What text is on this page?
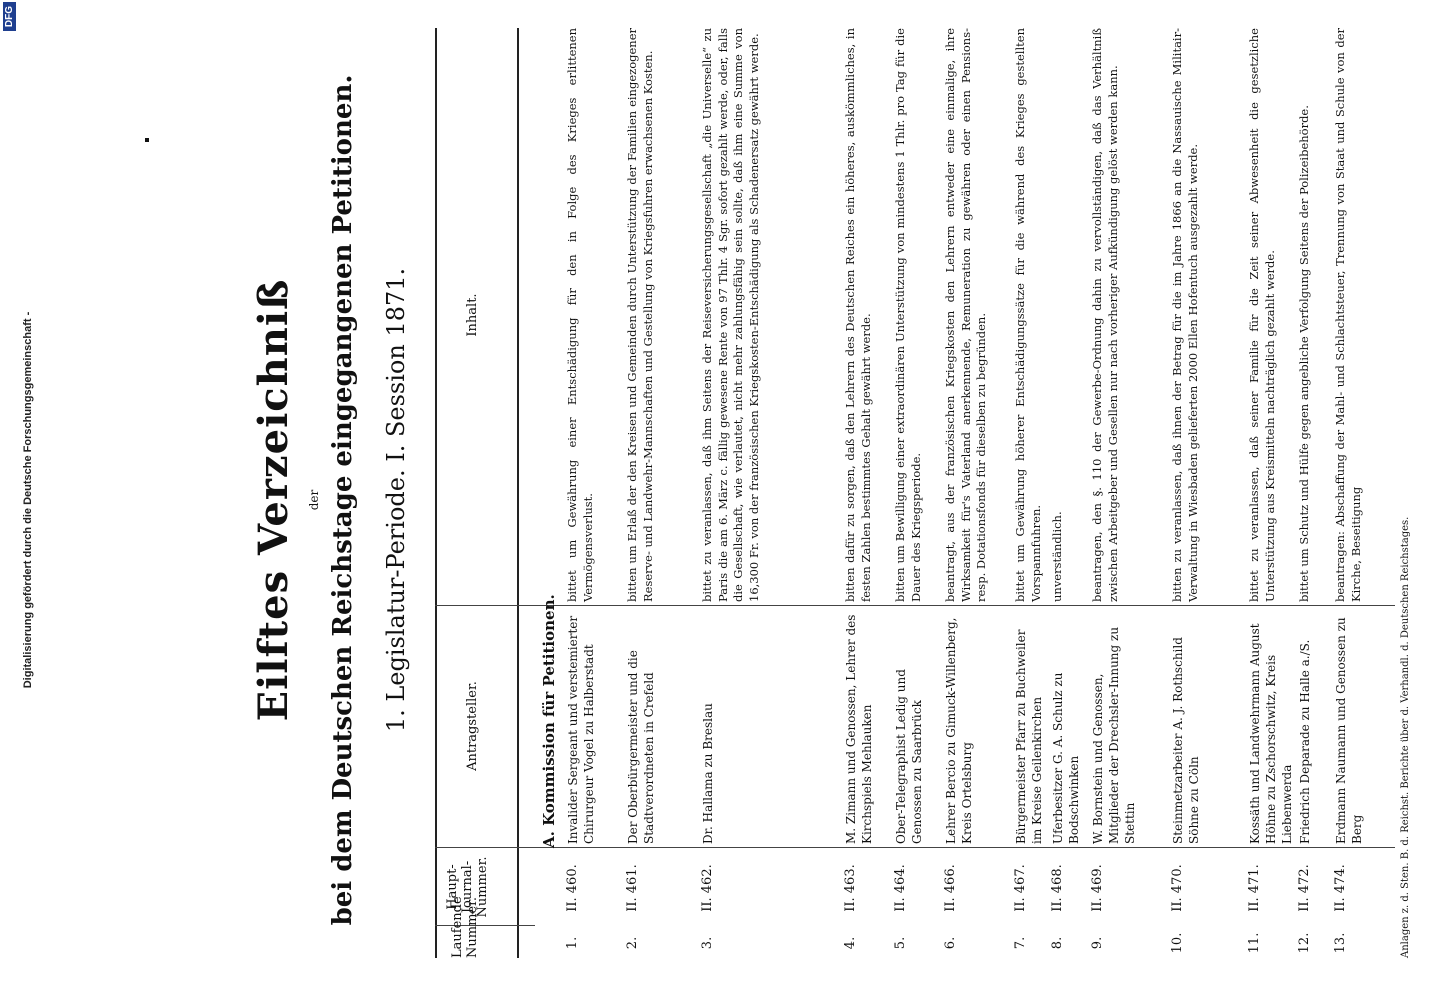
Digitalisierung gefördert durch die Deutsche Forschungsgemeinschaft -
DFG
Eilftes Verzeichniß der bei dem Deutschen Reichstage eingegangenen Petitionen. 1. Legislatur-Periode. I. Session 1871.
Laufende Nummer.
Haupt-Journal-Nummer.
Antragsteller.
Inhalt.
A. Kommission für Petitionen.
1.
II. 460.
Invalider Sergeant und verstemierter Chirurgeur Vogel zu Halberstadt
bittet um Gewährung einer Entschädigung für den in Folge des Krieges erlittenen Vermögensverlust.
2.
II. 461.
Der Oberbürgermeister und die Stadtverordneten in Crefeld
bitten um Erlaß der den Kreisen und Gemeinden durch Unterstützung der Familien eingezogener Reserve- und Landwehr-Mannschaften und Gestellung von Kriegsfuhren erwachsenen Kosten.
3.
II. 462.
Dr. Hallama zu Breslau
bittet zu veranlassen, daß ihm Seitens der Reiseversicherungsgesellschaft „die Universelle“ zu Paris die am 6. März c. fällig gewesene Rente von 97 Thlr. 4 Sgr. sofort gezahlt werde, oder, falls die Gesellschaft, wie verlautet, nicht mehr zahlungsfähig sein sollte, daß ihm eine Summe von 16,300 Fr. von der französischen Kriegskosten-Entschädigung als Schadenersatz gewährt werde.
4.
II. 463.
M. Zimann und Genossen, Lehrer des Kirchspiels Mehlauken
bitten dafür zu sorgen, daß den Lehrern des Deutschen Reiches ein höheres, auskömmliches, in festen Zahlen bestimmtes Gehalt gewährt werde.
5.
II. 464.
Ober-Telegraphist Ledig und Genossen zu Saarbrück
bitten um Bewilligung einer extraordinären Unterstützung von mindestens 1 Thlr. pro Tag für die Dauer des Kriegsperiode.
6.
II. 466.
Lehrer Bercio zu Gimuck-Willenberg, Kreis Ortelsburg
beantragt, aus der französischen Kriegskosten den Lehrern entweder eine einmalige, ihre Wirksamkeit für's Vaterland anerkennende, Remuneration zu gewähren oder einen Pensions- resp. Dotationsfonds für dieselben zu begründen.
7.
II. 467.
Bürgermeister Pfarr zu Buchweiler im Kreise Geilenkirchen
bittet um Gewährung höherer Entschädigungssätze für die während des Krieges gestellten Vorspannfuhren.
8.
II. 468.
Uferbesitzer G. A. Schulz zu Bodschwinken
unverständlich.
9.
II. 469.
W. Bornstein und Genossen, Mitglieder der Drechsler-Innung zu Stettin
beantragen, den §. 110 der Gewerbe-Ordnung dahin zu vervollständigen, daß das Verhältniß zwischen Arbeitgeber und Gesellen nur nach vorheriger Aufkündigung gelöst werden kann.
10.
II. 470.
Steinmetzarbeiter A. J. Rothschild Söhne zu Cöln
bitten zu veranlassen, daß ihnen der Betrag für die im Jahre 1866 an die Nassauische Militair-Verwaltung in Wiesbaden gelieferten 2000 Ellen Hofentuch ausgezahlt werde.
11.
II. 471.
Kossäth und Landwehrmann August Höhne zu Zschorschwitz, Kreis Liebenwerda
bittet zu veranlassen, daß seiner Familie für die Zeit seiner Abwesenheit die gesetzliche Unterstützung aus Kreismitteln nachträglich gezahlt werde.
12.
II. 472.
Friedrich Deparade zu Halle a./S.
bittet um Schutz und Hülfe gegen angebliche Verfolgung Seitens der Polizeibehörde.
13.
II. 474.
Erdmann Naumann und Genossen zu Berg
beantragen: Abschaffung der Mahl- und Schlachtsteuer, Trennung von Staat und Schule von der Kirche, Beseitigung	Anlagen z. d. Sten. B. d. Reichst. Berichte über d. Verhandl. d. Deutschen Reichstages.
